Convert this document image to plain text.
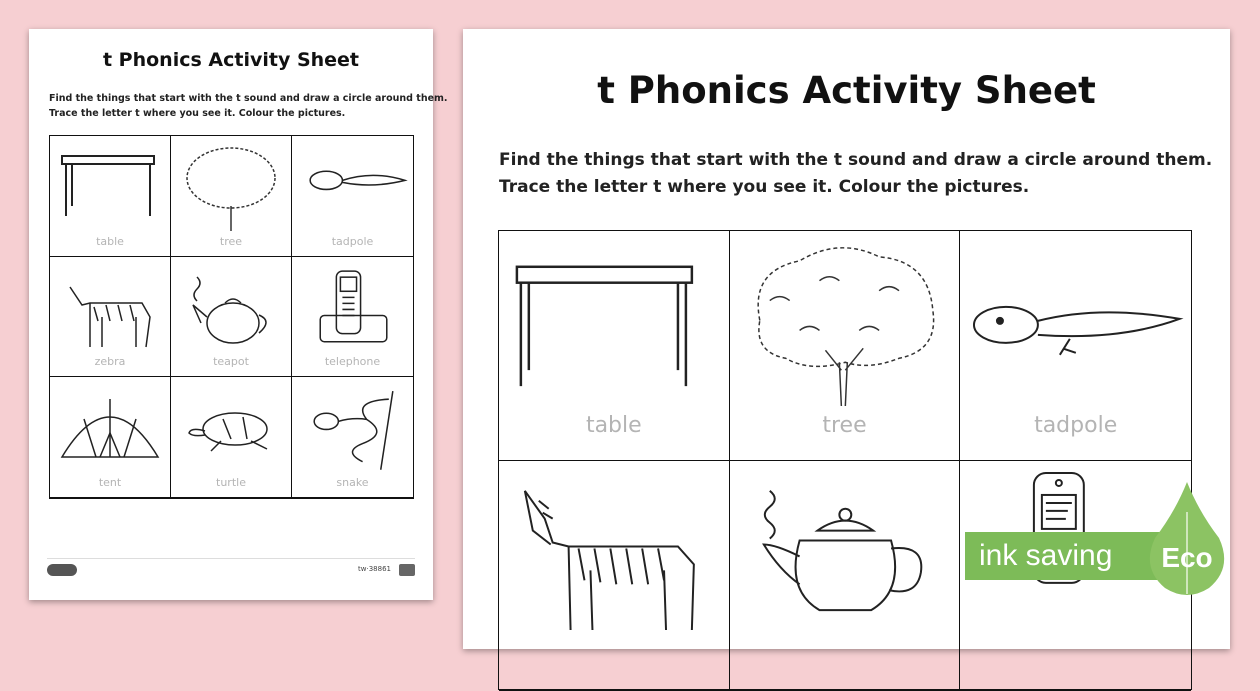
t Phonics Activity Sheet
Find the things that start with the t sound and draw a circle around them.
Trace the letter t where you see it. Colour the pictures.
table	tree	tadpole
zebra	teapot	telephone
tent	turtle	snake
tw·38861
t Phonics Activity Sheet
Find the things that start with the t sound and draw a circle around them.
Trace the letter t where you see it. Colour the pictures.
table	tree	tadpole
ink saving	Eco
